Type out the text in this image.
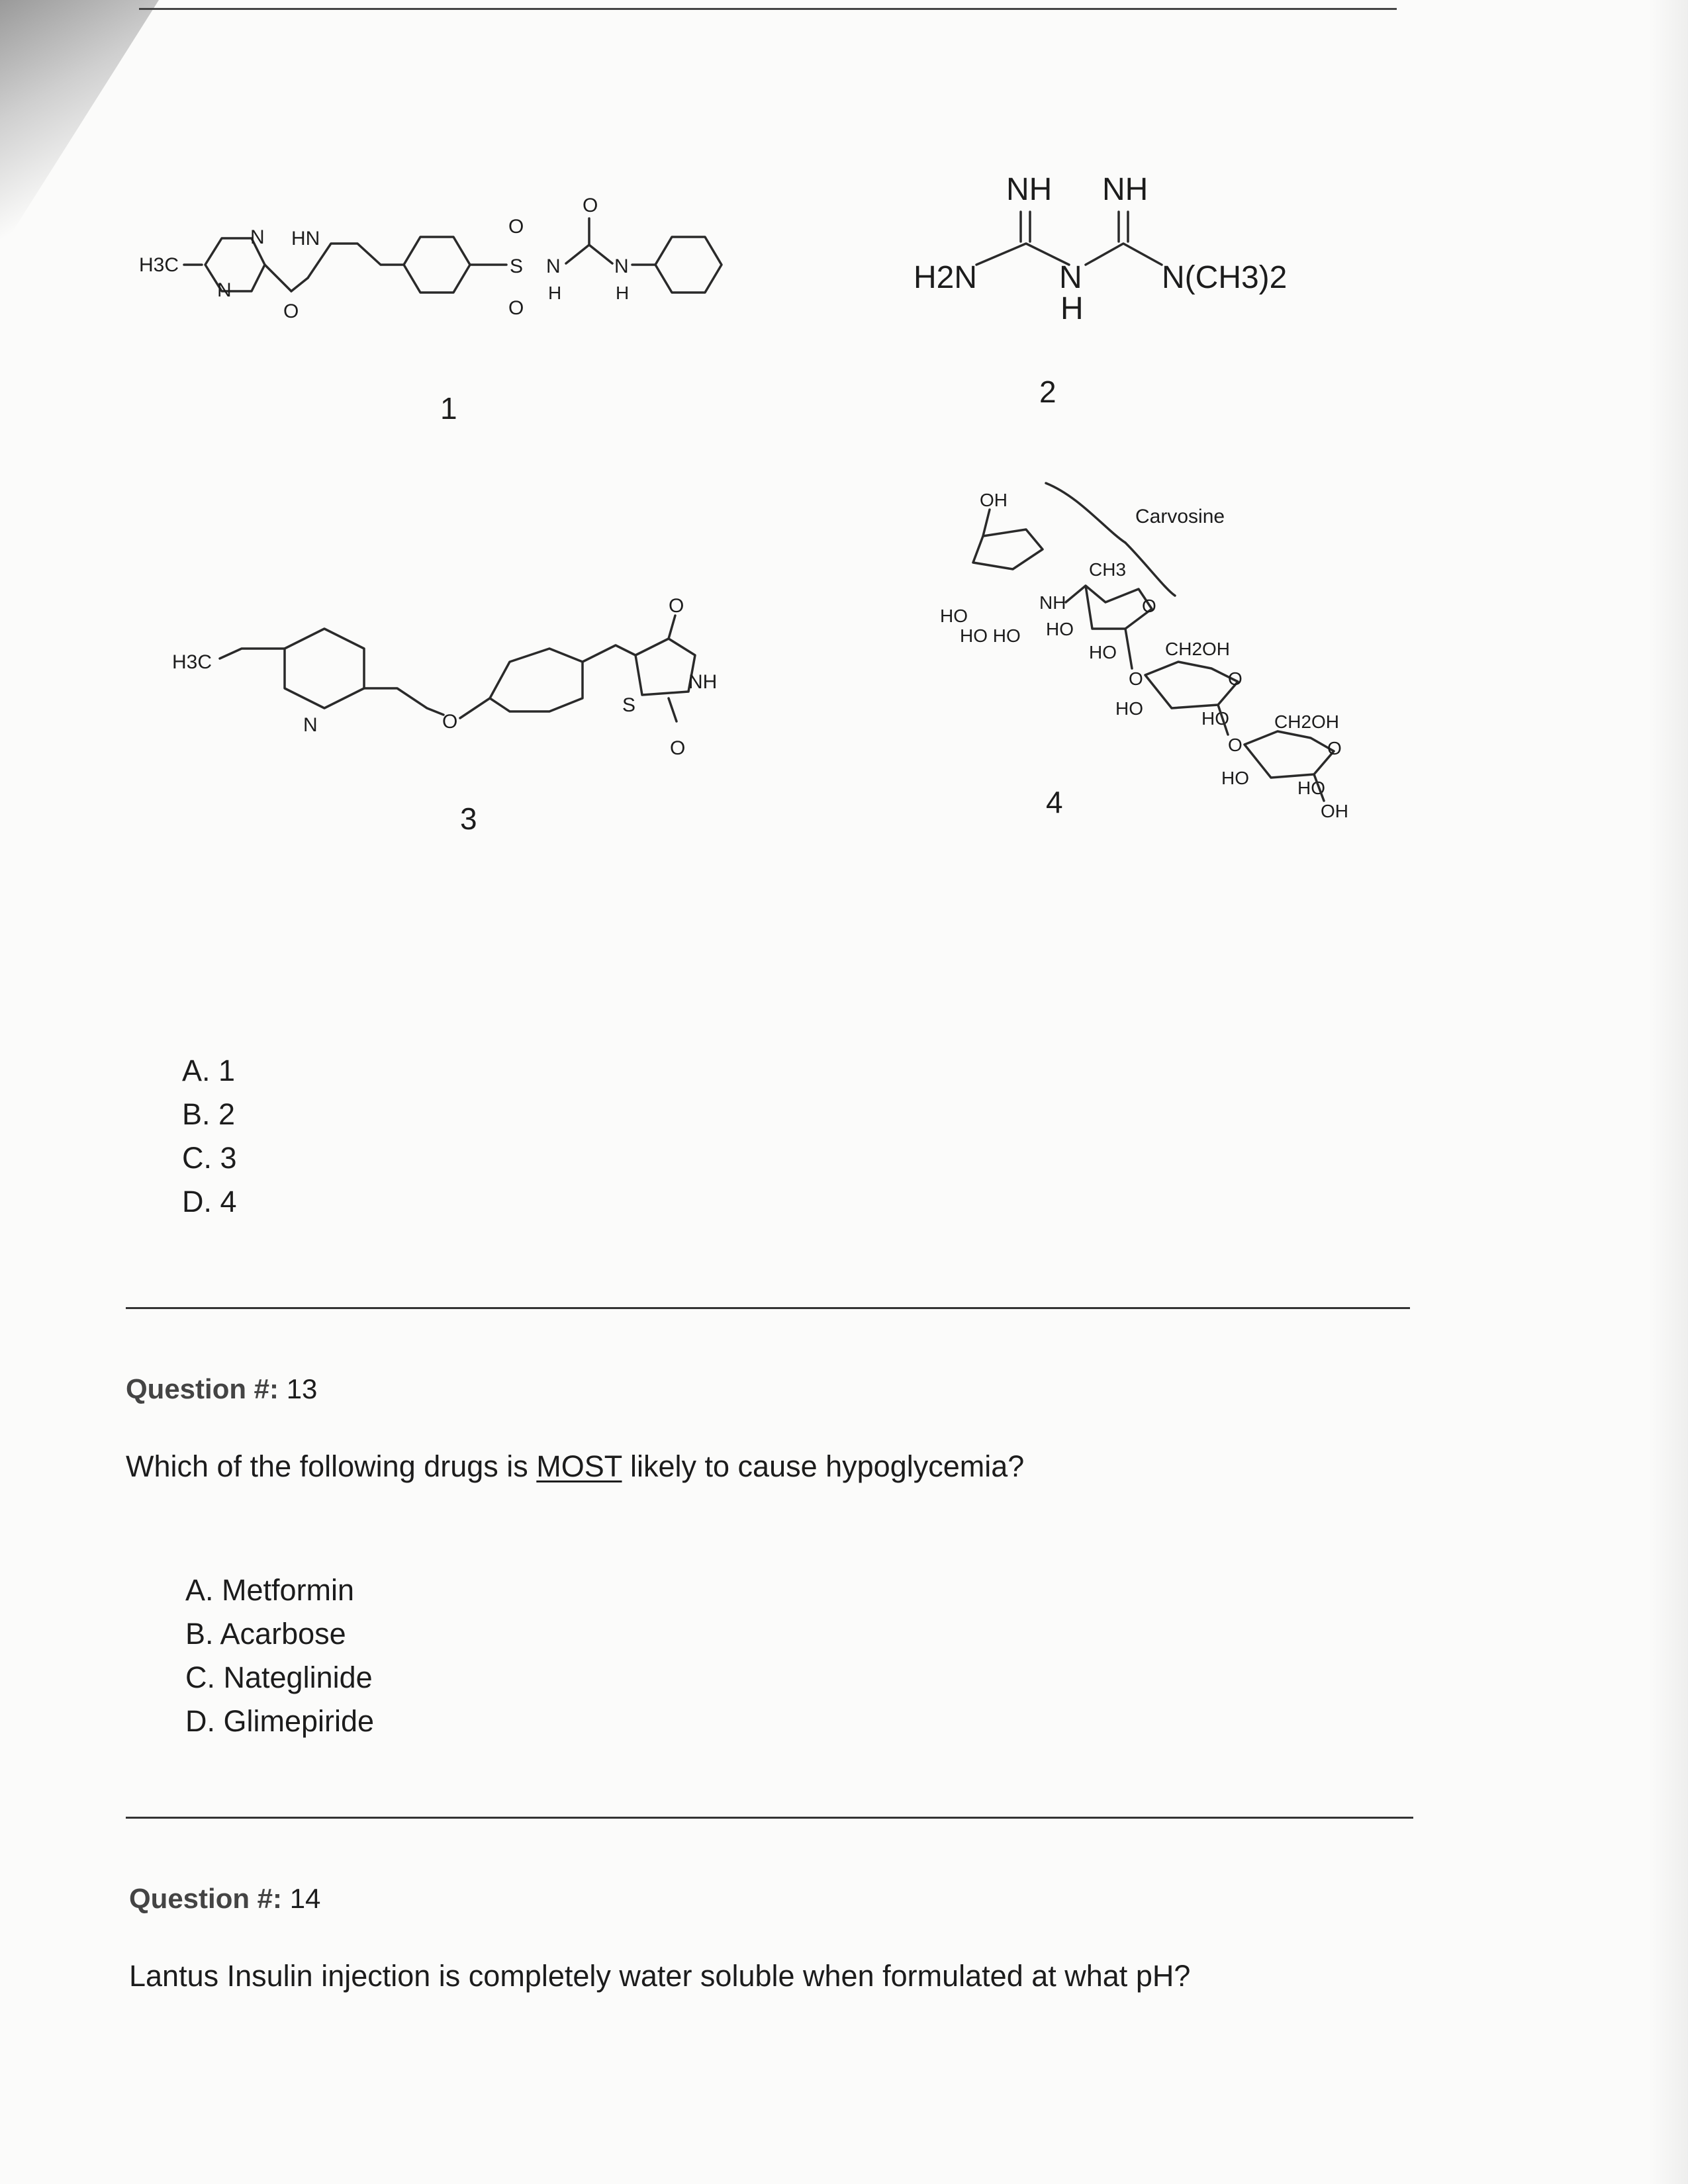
H3C
N
N
O
HN
S
O
O
N
H
O
N
H
1
NH NH
H2N	N
H
N(CH3)2
2
H3C
N	O
S
NH
O
O
3
OH
Carvosine
HO
HO HO
NH
CH3
O
HO
HO
O
CH2OH
O
HO	HO
O
CH2OH
O
HO	HO
OH
4
A. 1
B. 2
C. 3
D. 4
Question #: 13
Which of the following drugs is MOST likely to cause hypoglycemia?
A. Metformin
B. Acarbose
C. Nateglinide
D. Glimepiride
Question #: 14
Lantus Insulin injection is completely water soluble when formulated at what pH?
